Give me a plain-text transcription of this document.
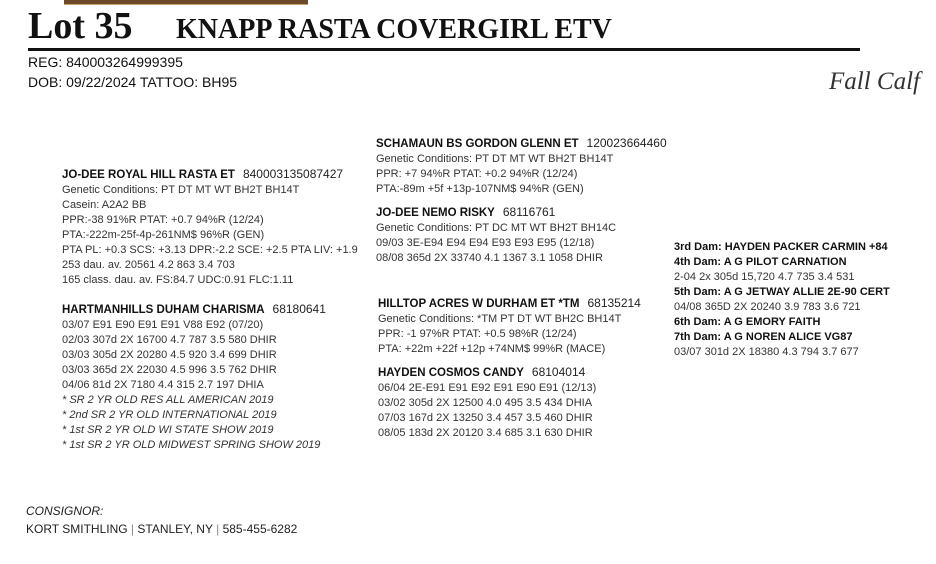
Lot 35 KNAPP RASTA COVERGIRL ETV
REG: 840003264999395
DOB: 09/22/2024 TATTOO: BH95	Fall Calf
SCHAMAUN BS GORDON GLENN ET 120023664460
Genetic Conditions: PT DT MT WT BH2T BH14T
PPR: +7 94%R PTAT: +0.2 94%R (12/24)
PTA:-89m +5f +13p-107NM$ 94%R (GEN)
JO-DEE ROYAL HILL RASTA ET 840003135087427
Genetic Conditions: PT DT MT WT BH2T BH14T
Casein: A2A2 BB
PPR:-38 91%R PTAT: +0.7 94%R (12/24)
PTA:-222m-25f-4p-261NM$ 96%R (GEN)
PTA PL: +0.3 SCS: +3.13 DPR:-2.2 SCE: +2.5 PTA LIV: +1.9
253 dau. av. 20561 4.2 863 3.4 703
165 class. dau. av. FS:84.7 UDC:0.91 FLC:1.11
JO-DEE NEMO RISKY 68116761
Genetic Conditions: PT DC MT WT BH2T BH14C
09/03 3E-E94 E94 E94 E93 E93 E95 (12/18)
08/08 365d 2X 33740 4.1 1367 3.1 1058 DHIR
HARTMANHILLS DUHAM CHARISMA 68180641
03/07 E91 E90 E91 E91 V88 E92 (07/20)
02/03 307d 2X 16700 4.7 787 3.5 580 DHIR
03/03 305d 2X 20280 4.5 920 3.4 699 DHIR
03/03 365d 2X 22030 4.5 996 3.5 762 DHIR
04/06 81d 2X 7180 4.4 315 2.7 197 DHIA
* SR 2 YR OLD RES ALL AMERICAN 2019
* 2nd SR 2 YR OLD INTERNATIONAL 2019
* 1st SR 2 YR OLD WI STATE SHOW 2019
* 1st SR 2 YR OLD MIDWEST SPRING SHOW 2019
HILLTOP ACRES W DURHAM ET *TM 68135214
Genetic Conditions: *TM PT DT WT BH2C BH14T
PPR: -1 97%R PTAT: +0.5 98%R (12/24)
PTA: +22m +22f +12p +74NM$ 99%R (MACE)
HAYDEN COSMOS CANDY 68104014
06/04 2E-E91 E91 E92 E91 E90 E91 (12/13)
03/02 305d 2X 12500 4.0 495 3.5 434 DHIA
07/03 167d 2X 13250 3.4 457 3.5 460 DHIR
08/05 183d 2X 20120 3.4 685 3.1 630 DHIR
3rd Dam: HAYDEN PACKER CARMIN +84
4th Dam: A G PILOT CARNATION
2-04 2x 305d 15,720 4.7 735 3.4 531
5th Dam: A G JETWAY ALLIE 2E-90 CERT
04/08 365D 2X 20240 3.9 783 3.6 721
6th Dam: A G EMORY FAITH
7th Dam: A G NOREN ALICE VG87
03/07 301d 2X 18380 4.3 794 3.7 677
CONSIGNOR:
KORT SMITHLING | STANLEY, NY | 585-455-6282
